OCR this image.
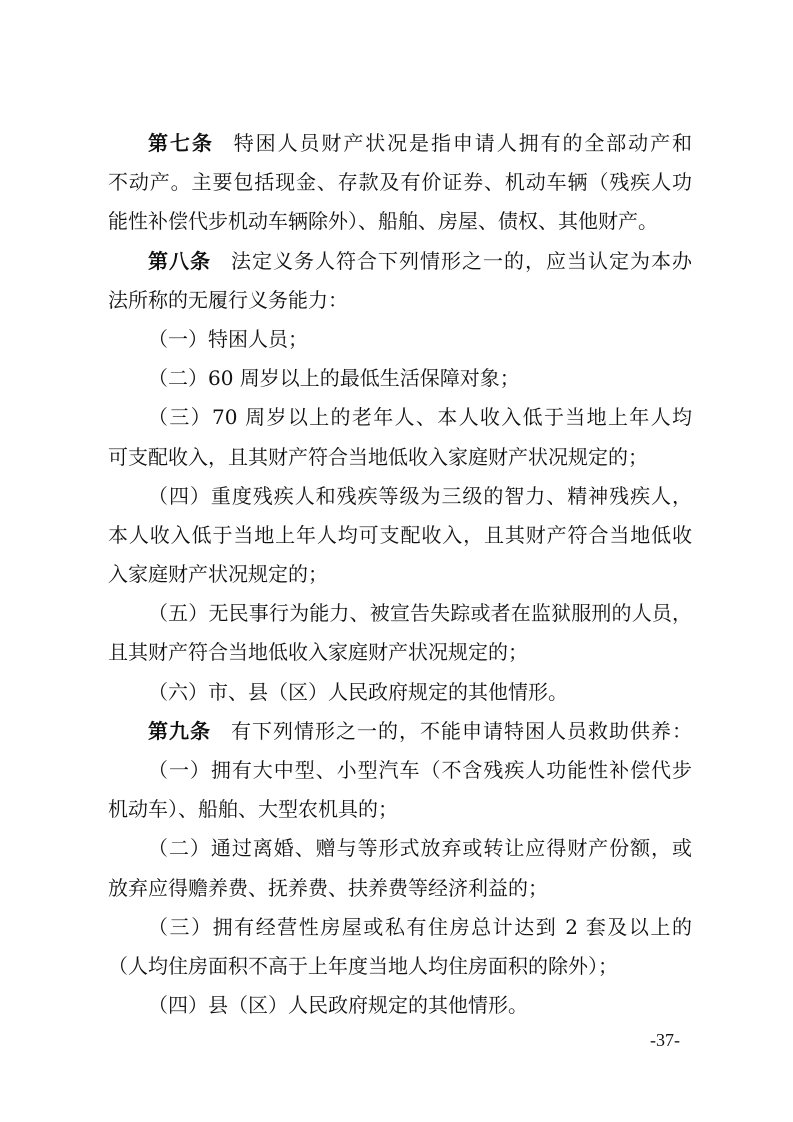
第七条 特困人员财产状况是指申请人拥有的全部动产和
不动产。主要包括现金、存款及有价证券、机动车辆（残疾人功
能性补偿代步机动车辆除外）、船舶、房屋、债权、其他财产。
第八条 法定义务人符合下列情形之一的，应当认定为本办
法所称的无履行义务能力：
（一）特困人员；
（二）60 周岁以上的最低生活保障对象；
（三）70 周岁以上的老年人、本人收入低于当地上年人均
可支配收入，且其财产符合当地低收入家庭财产状况规定的；
（四）重度残疾人和残疾等级为三级的智力、精神残疾人，
本人收入低于当地上年人均可支配收入，且其财产符合当地低收
入家庭财产状况规定的；
（五）无民事行为能力、被宣告失踪或者在监狱服刑的人员，
且其财产符合当地低收入家庭财产状况规定的；
（六）市、县（区）人民政府规定的其他情形。
第九条 有下列情形之一的，不能申请特困人员救助供养：
（一）拥有大中型、小型汽车（不含残疾人功能性补偿代步
机动车）、船舶、大型农机具的；
（二）通过离婚、赠与等形式放弃或转让应得财产份额，或
放弃应得赡养费、抚养费、扶养费等经济利益的；
（三）拥有经营性房屋或私有住房总计达到 2 套及以上的
（人均住房面积不高于上年度当地人均住房面积的除外）；
（四）县（区）人民政府规定的其他情形。
-37-
